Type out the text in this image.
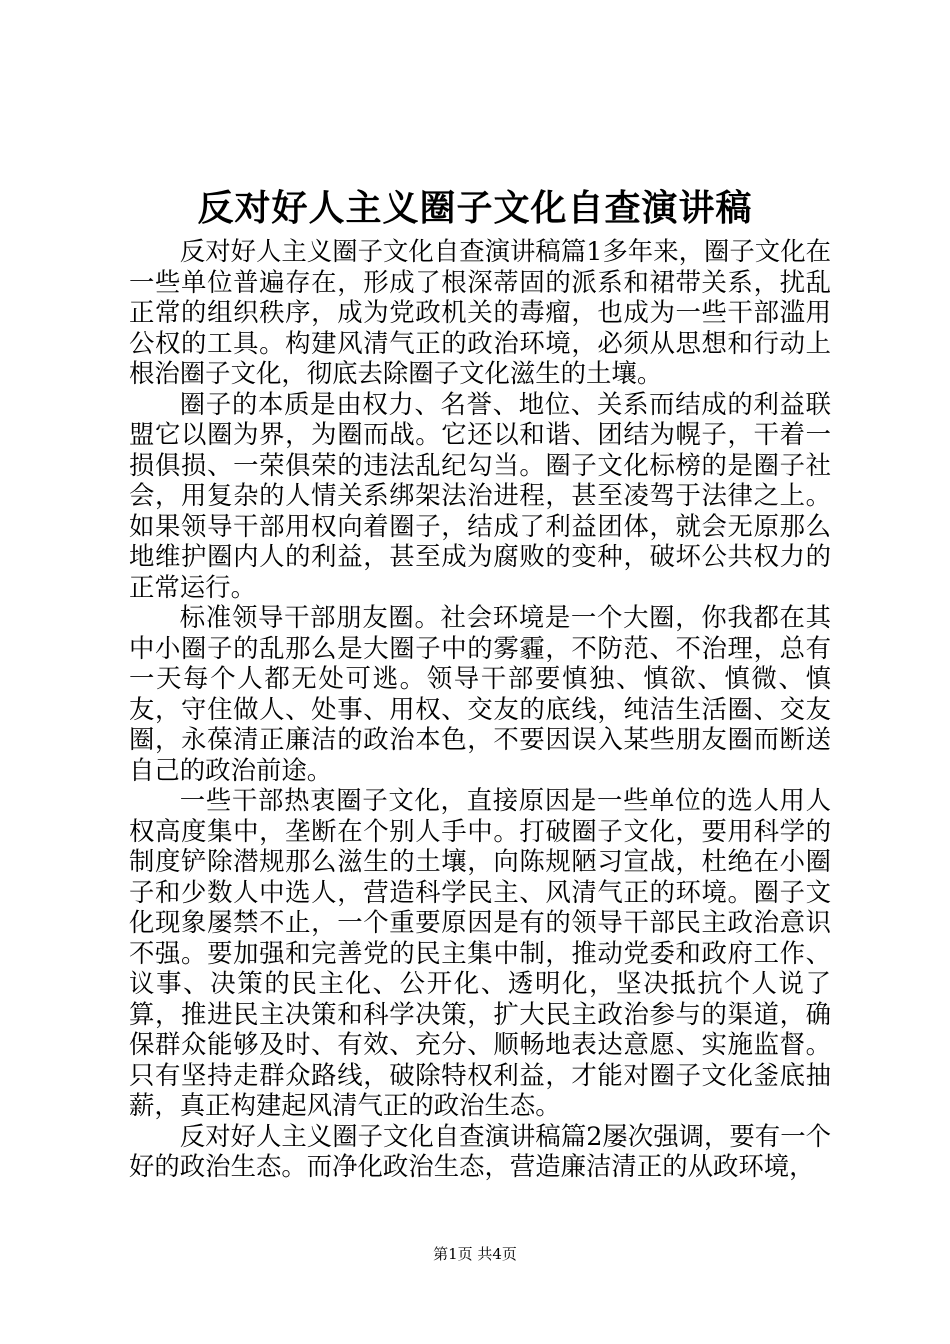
反对好人主义圈子文化自查演讲稿

反对好人主义圈子文化自查演讲稿篇1多年来，圈子文化在一些单位普遍存在，形成了根深蒂固的派系和裙带关系，扰乱正常的组织秩序，成为党政机关的毒瘤，也成为一些干部滥用公权的工具。构建风清气正的政治环境，必须从思想和行动上根治圈子文化，彻底去除圈子文化滋生的土壤。

圈子的本质是由权力、名誉、地位、关系而结成的利益联盟它以圈为界，为圈而战。它还以和谐、团结为幌子，干着一损俱损、一荣俱荣的违法乱纪勾当。圈子文化标榜的是圈子社会，用复杂的人情关系绑架法治进程，甚至凌驾于法律之上。如果领导干部用权向着圈子，结成了利益团体，就会无原那么地维护圈内人的利益，甚至成为腐败的变种，破坏公共权力的正常运行。

标准领导干部朋友圈。社会环境是一个大圈，你我都在其中小圈子的乱那么是大圈子中的雾霾，不防范、不治理，总有一天每个人都无处可逃。领导干部要慎独、慎欲、慎微、慎友，守住做人、处事、用权、交友的底线，纯洁生活圈、交友圈，永葆清正廉洁的政治本色，不要因误入某些朋友圈而断送自己的政治前途。

一些干部热衷圈子文化，直接原因是一些单位的选人用人权高度集中，垄断在个别人手中。打破圈子文化，要用科学的制度铲除潜规那么滋生的土壤，向陈规陋习宣战，杜绝在小圈子和少数人中选人，营造科学民主、风清气正的环境。圈子文化现象屡禁不止，一个重要原因是有的领导干部民主政治意识不强。要加强和完善党的民主集中制，推动党委和政府工作、议事、决策的民主化、公开化、透明化，坚决抵抗个人说了算，推进民主决策和科学决策，扩大民主政治参与的渠道，确保群众能够及时、有效、充分、顺畅地表达意愿、实施监督。只有坚持走群众路线，破除特权利益，才能对圈子文化釜底抽薪，真正构建起风清气正的政治生态。

反对好人主义圈子文化自查演讲稿篇2屡次强调，要有一个好的政治生态。而净化政治生态，营造廉洁清正的从政环境，

第1页 共4页
